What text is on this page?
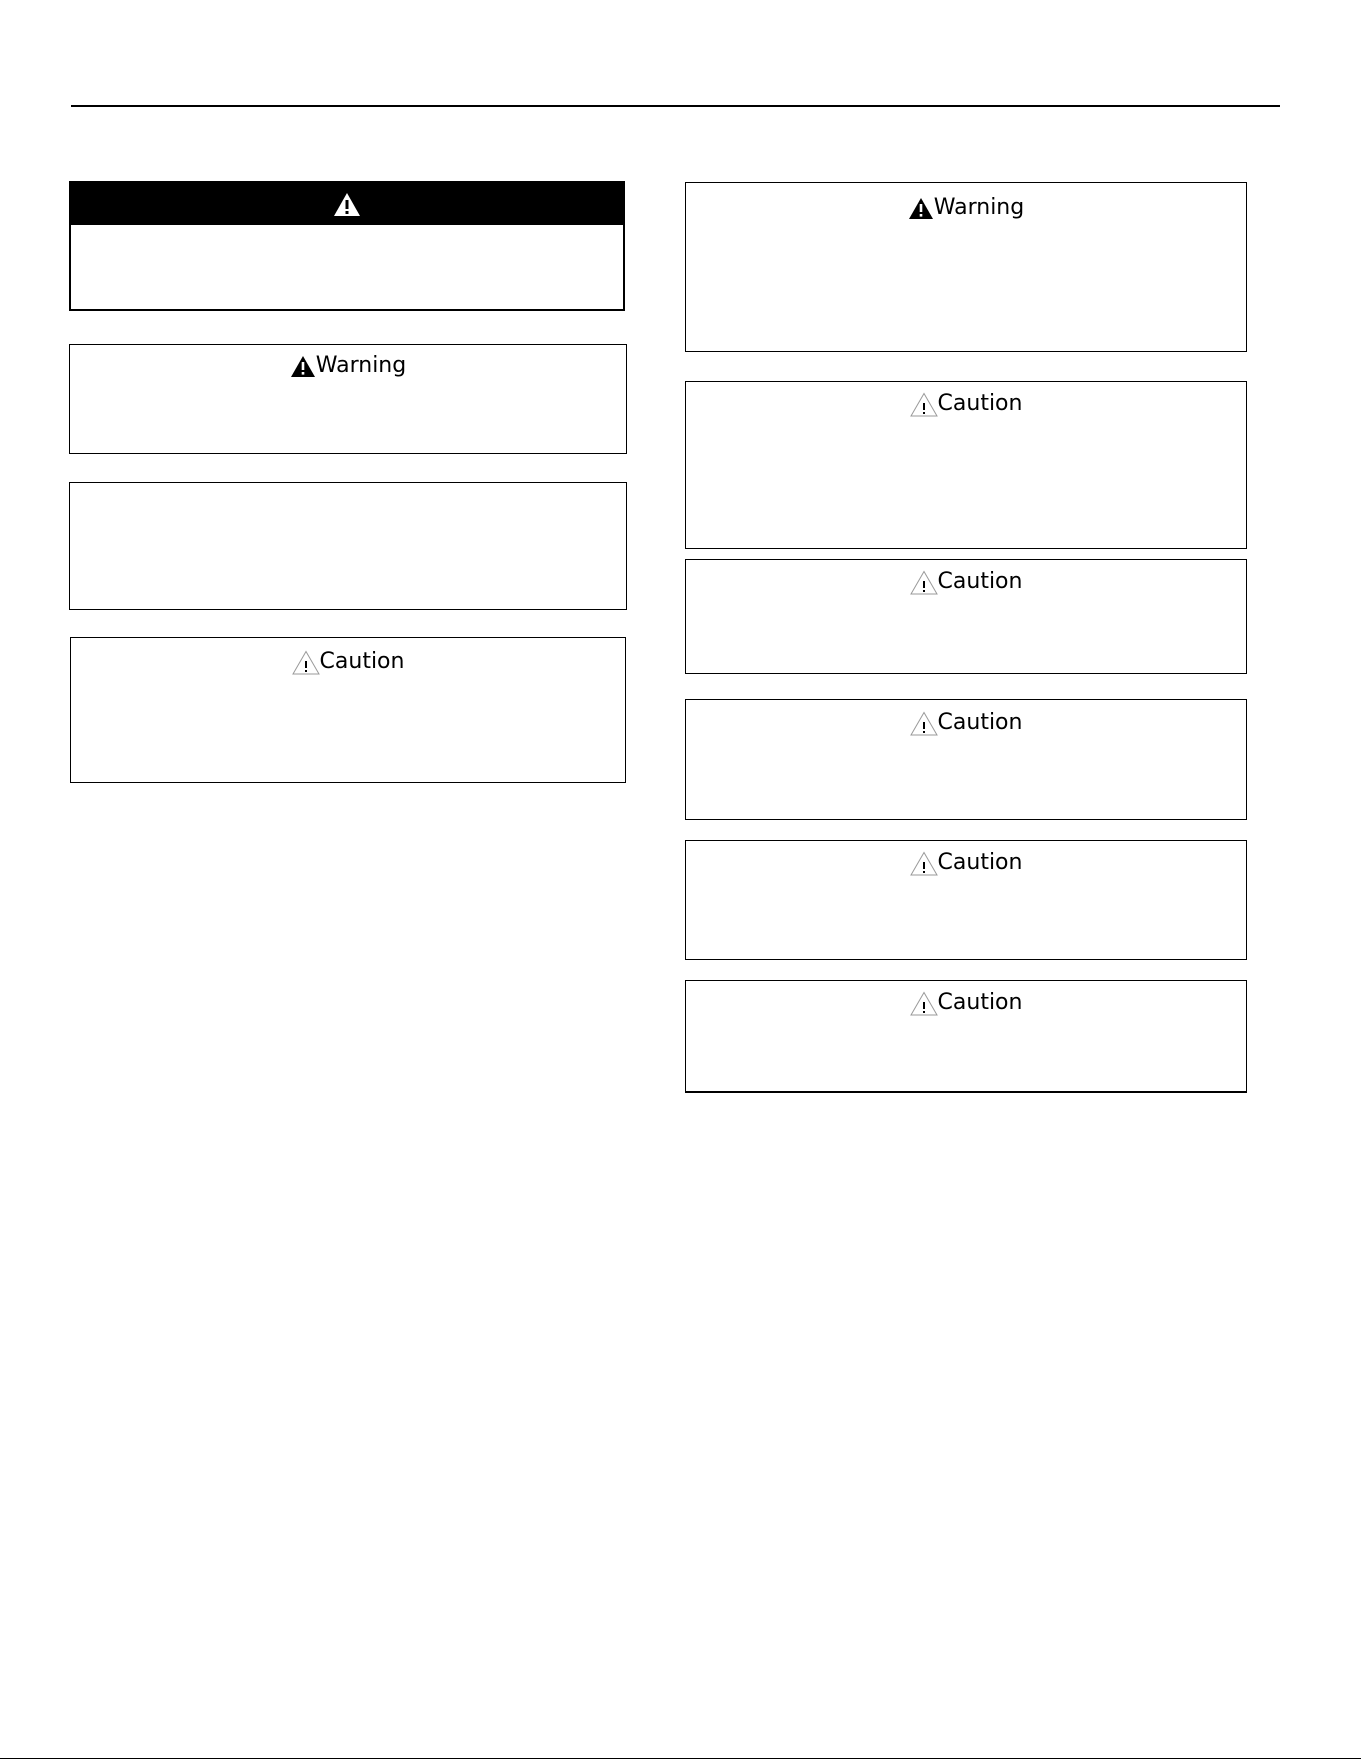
Warning
Caution
Warning
Caution
Caution
Caution
Caution
Caution
